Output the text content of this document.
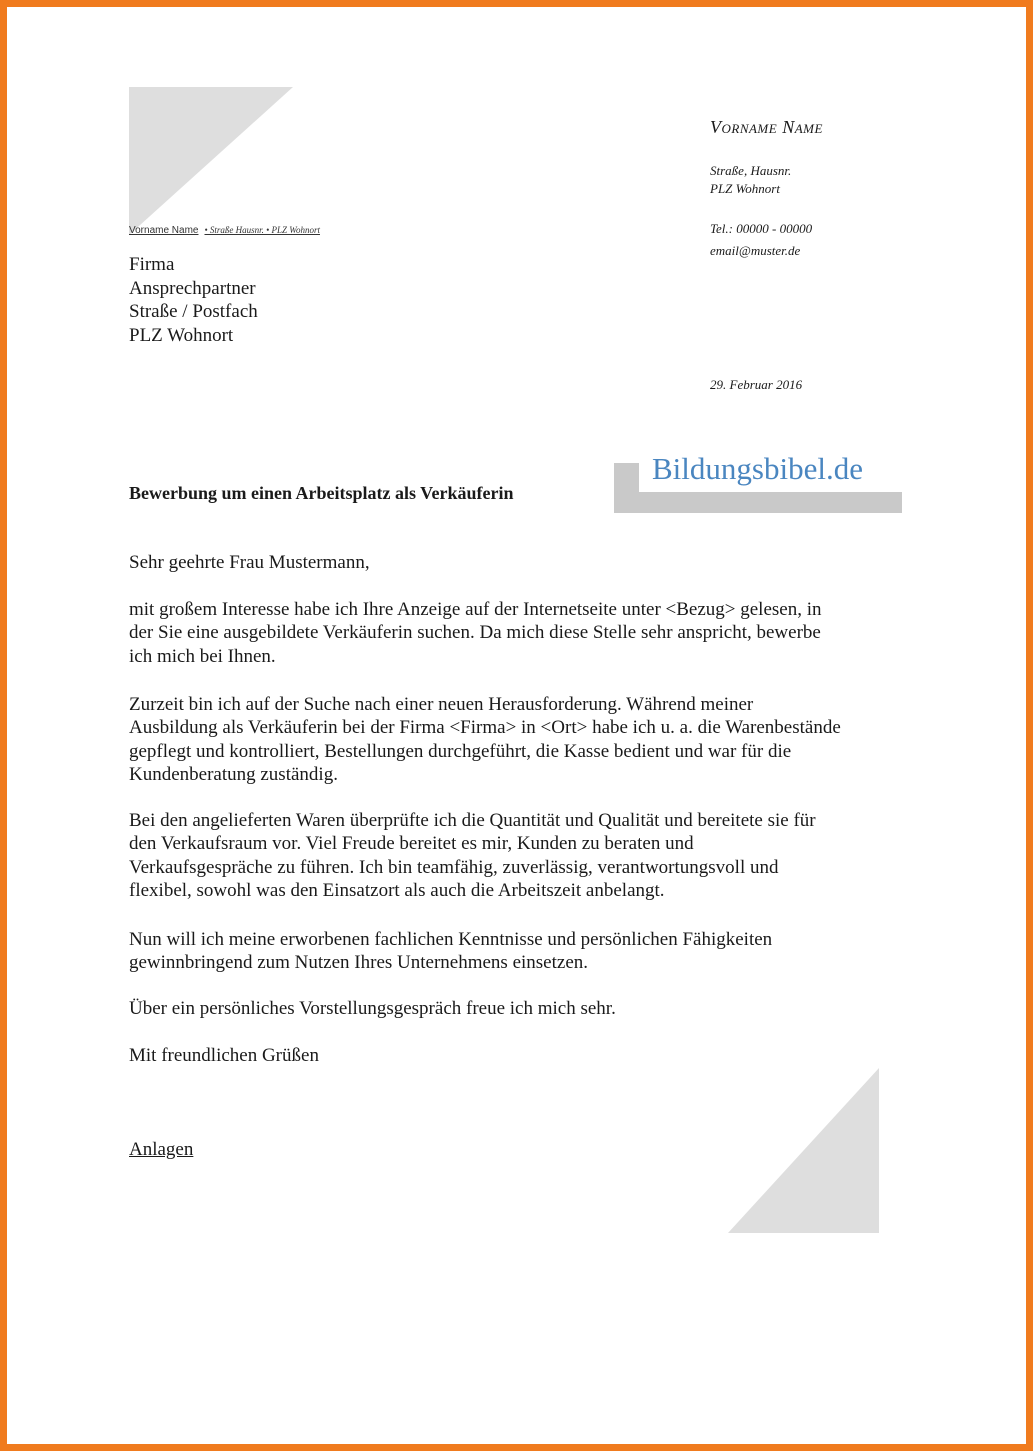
Vorname Name • Straße Hausnr. • PLZ Wohnort
Firma
Ansprechpartner
Straße / Postfach
PLZ Wohnort
Vorname Name
Straße, Hausnr.
PLZ Wohnort
Tel.: 00000 - 00000
email@muster.de
29. Februar 2016
Bildungsbibel.de
Bewerbung um einen Arbeitsplatz als Verkäuferin
Sehr geehrte Frau Mustermann,
mit großem Interesse habe ich Ihre Anzeige auf der Internetseite unter <Bezug> gelesen, in
der Sie eine ausgebildete Verkäuferin suchen. Da mich diese Stelle sehr anspricht, bewerbe
ich mich bei Ihnen.
Zurzeit bin ich auf der Suche nach einer neuen Herausforderung. Während meiner
Ausbildung als Verkäuferin bei der Firma <Firma> in <Ort> habe ich u. a. die Warenbestände
gepflegt und kontrolliert, Bestellungen durchgeführt, die Kasse bedient und war für die
Kundenberatung zuständig.
Bei den angelieferten Waren überprüfte ich die Quantität und Qualität und bereitete sie für
den Verkaufsraum vor. Viel Freude bereitet es mir, Kunden zu beraten und
Verkaufsgespräche zu führen. Ich bin teamfähig, zuverlässig, verantwortungsvoll und
flexibel, sowohl was den Einsatzort als auch die Arbeitszeit anbelangt.
Nun will ich meine erworbenen fachlichen Kenntnisse und persönlichen Fähigkeiten
gewinnbringend zum Nutzen Ihres Unternehmens einsetzen.
Über ein persönliches Vorstellungsgespräch freue ich mich sehr.
Mit freundlichen Grüßen
Anlagen
